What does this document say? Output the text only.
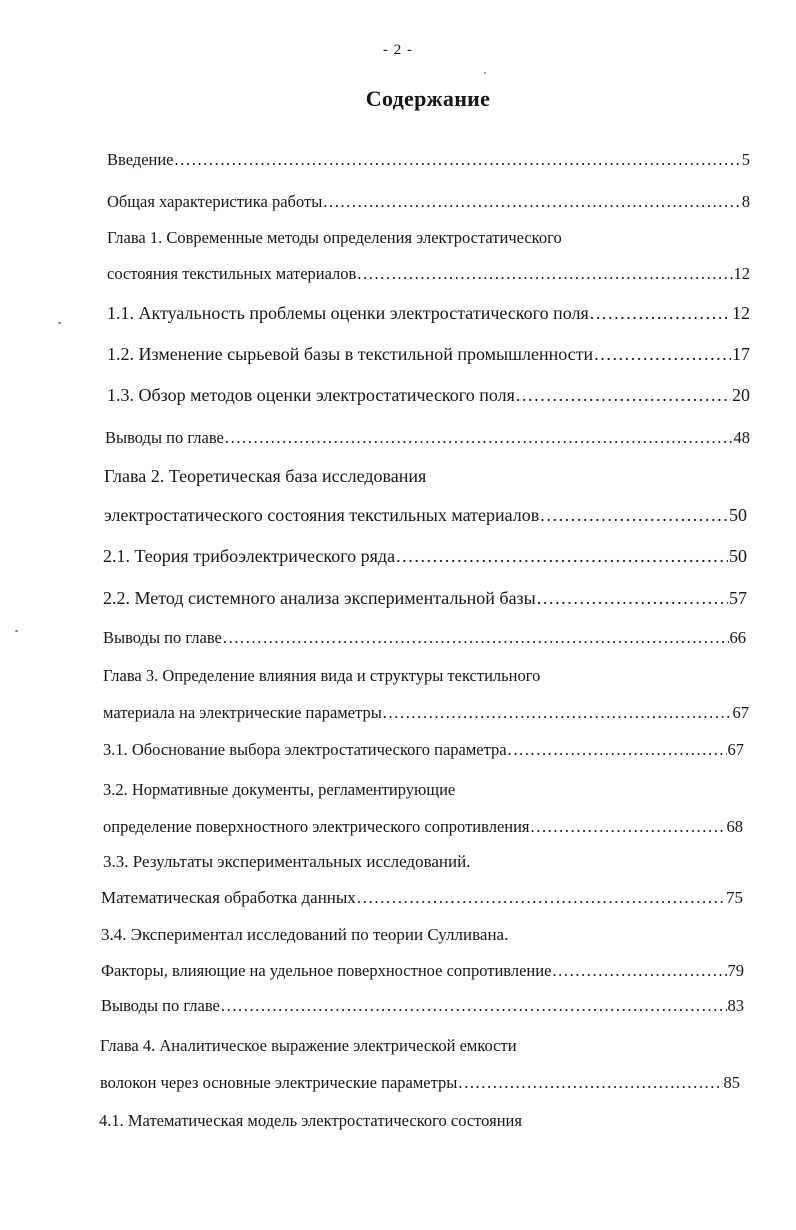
- 2 -
Содержание
Введение .....	5
Общая характеристика работы .....	8
Глава 1. Современные методы определения электростатического
состояния текстильных материалов .....	12
1.1. Актуальность проблемы оценки электростатического поля .....	12
1.2. Изменение сырьевой базы в текстильной промышленности .....	17
1.3. Обзор методов оценки электростатического поля .....	20
Выводы по главе .....	48
Глава 2. Теоретическая база исследования
электростатического состояния текстильных материалов .....	50
2.1. Теория трибоэлектрического ряда .....	50
2.2. Метод системного анализа экспериментальной базы .....	57
Выводы по главе .....	66
Глава 3. Определение влияния вида и структуры текстильного
материала на электрические параметры .....	67
3.1. Обоснование выбора электростатического параметра .....	67
3.2. Нормативные документы, регламентирующие
определение поверхностного электрического сопротивления .....	68
3.3. Результаты экспериментальных исследований.
Математическая обработка данных .....	75
3.4. Экспериментал исследований по теории Сулливана.
Факторы, влияющие на удельное поверхностное сопротивление .....	79
Выводы по главе .....	83
Глава 4. Аналитическое выражение электрической емкости
волокон через основные электрические параметры .....	85
4.1. Математическая модель электростатического состояния
